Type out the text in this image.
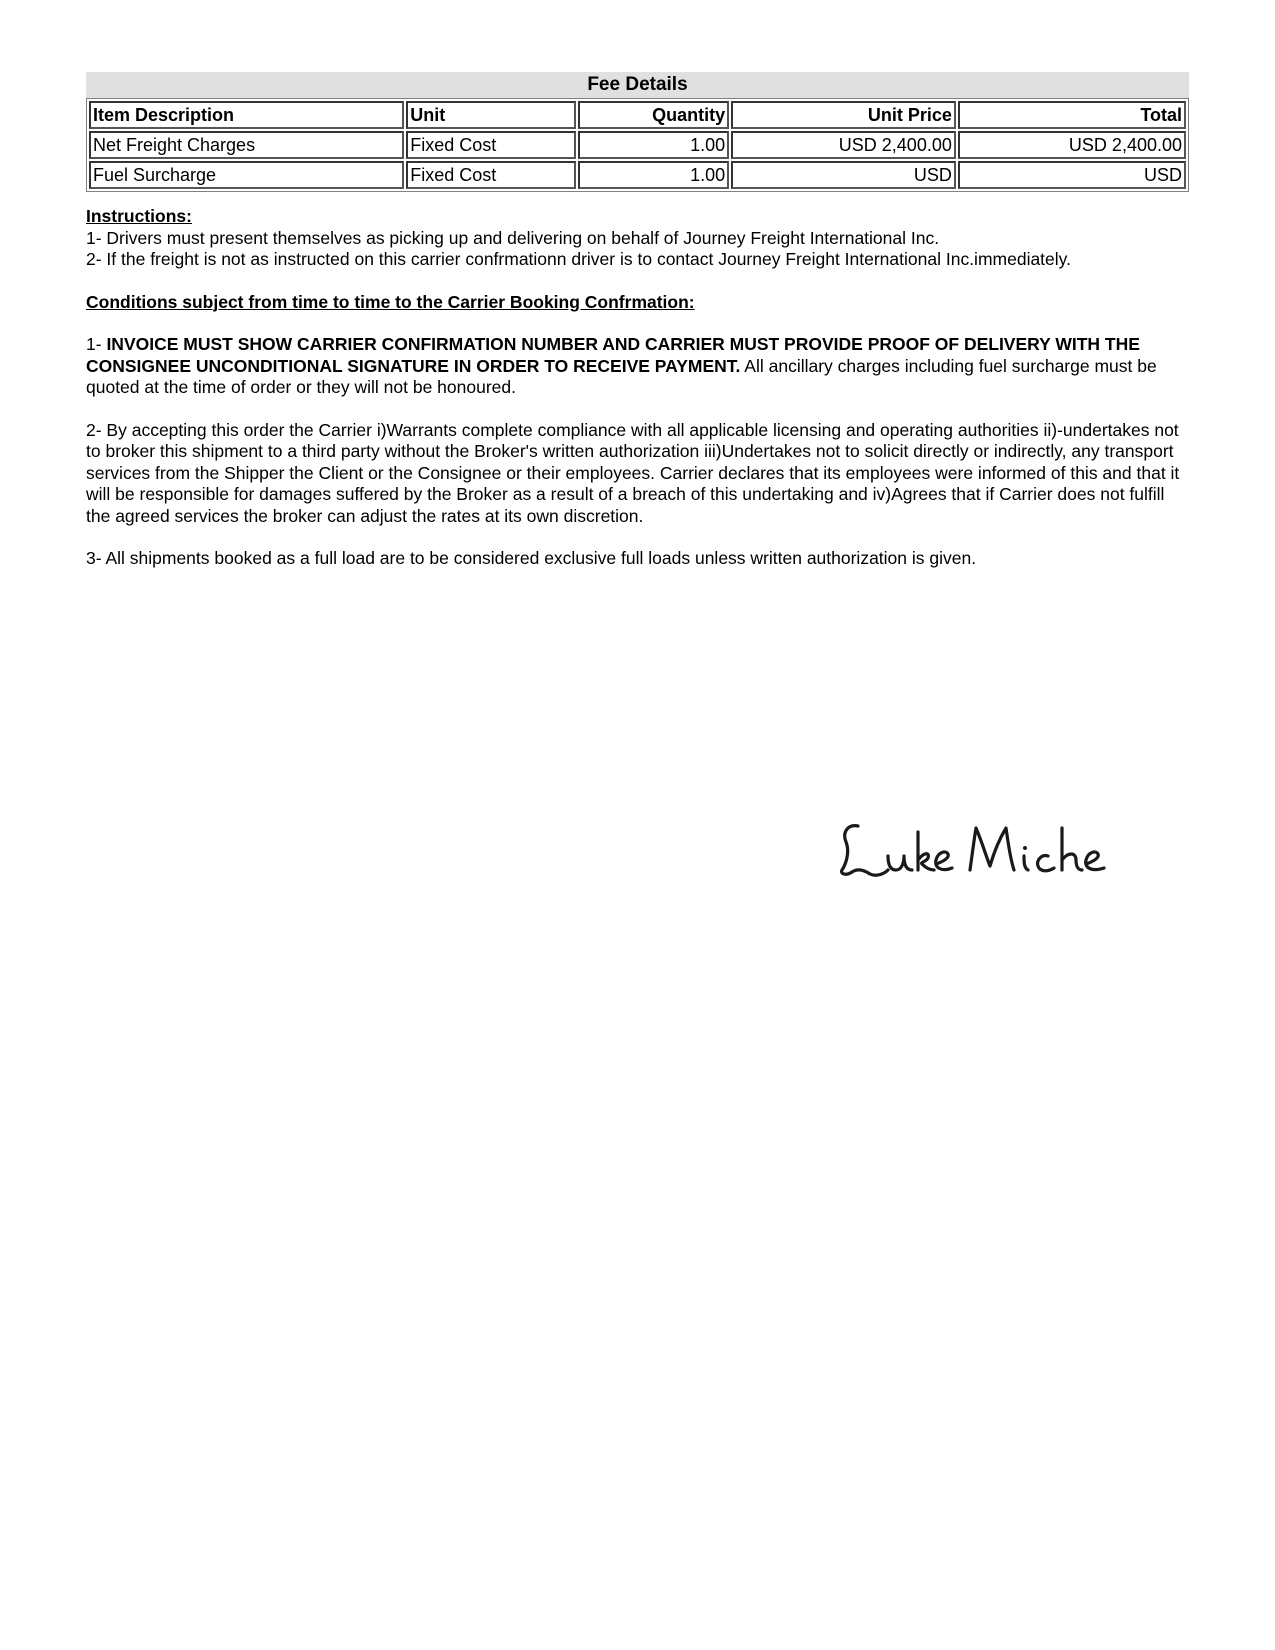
Fee Details
Item Description	Unit	Quantity	Unit Price	Total
Net Freight Charges	Fixed Cost	1.00	USD 2,400.00	USD 2,400.00
Fuel Surcharge	Fixed Cost	1.00	USD	USD
Instructions:
1- Drivers must present themselves as picking up and delivering on behalf of Journey Freight International Inc.
2- If the freight is not as instructed on this carrier confrmationn driver is to contact Journey Freight International Inc.immediately.
Conditions subject from time to time to the Carrier Booking Confrmation:
1- INVOICE MUST SHOW CARRIER CONFIRMATION NUMBER AND CARRIER MUST PROVIDE PROOF OF DELIVERY WITH THE CONSIGNEE UNCONDITIONAL SIGNATURE IN ORDER TO RECEIVE PAYMENT. All ancillary charges including fuel surcharge must be quoted at the time of order or they will not be honoured.
2- By accepting this order the Carrier i)Warrants complete compliance with all applicable licensing and operating authorities ii)-undertakes not to broker this shipment to a third party without the Broker's written authorization iii)Undertakes not to solicit directly or indirectly, any transport services from the Shipper the Client or the Consignee or their employees. Carrier declares that its employees were informed of this and that it will be responsible for damages suffered by the Broker as a result of a breach of this undertaking and iv)Agrees that if Carrier does not fulfill the agreed services the broker can adjust the rates at its own discretion.
3- All shipments booked as a full load are to be considered exclusive full loads unless written authorization is given.
